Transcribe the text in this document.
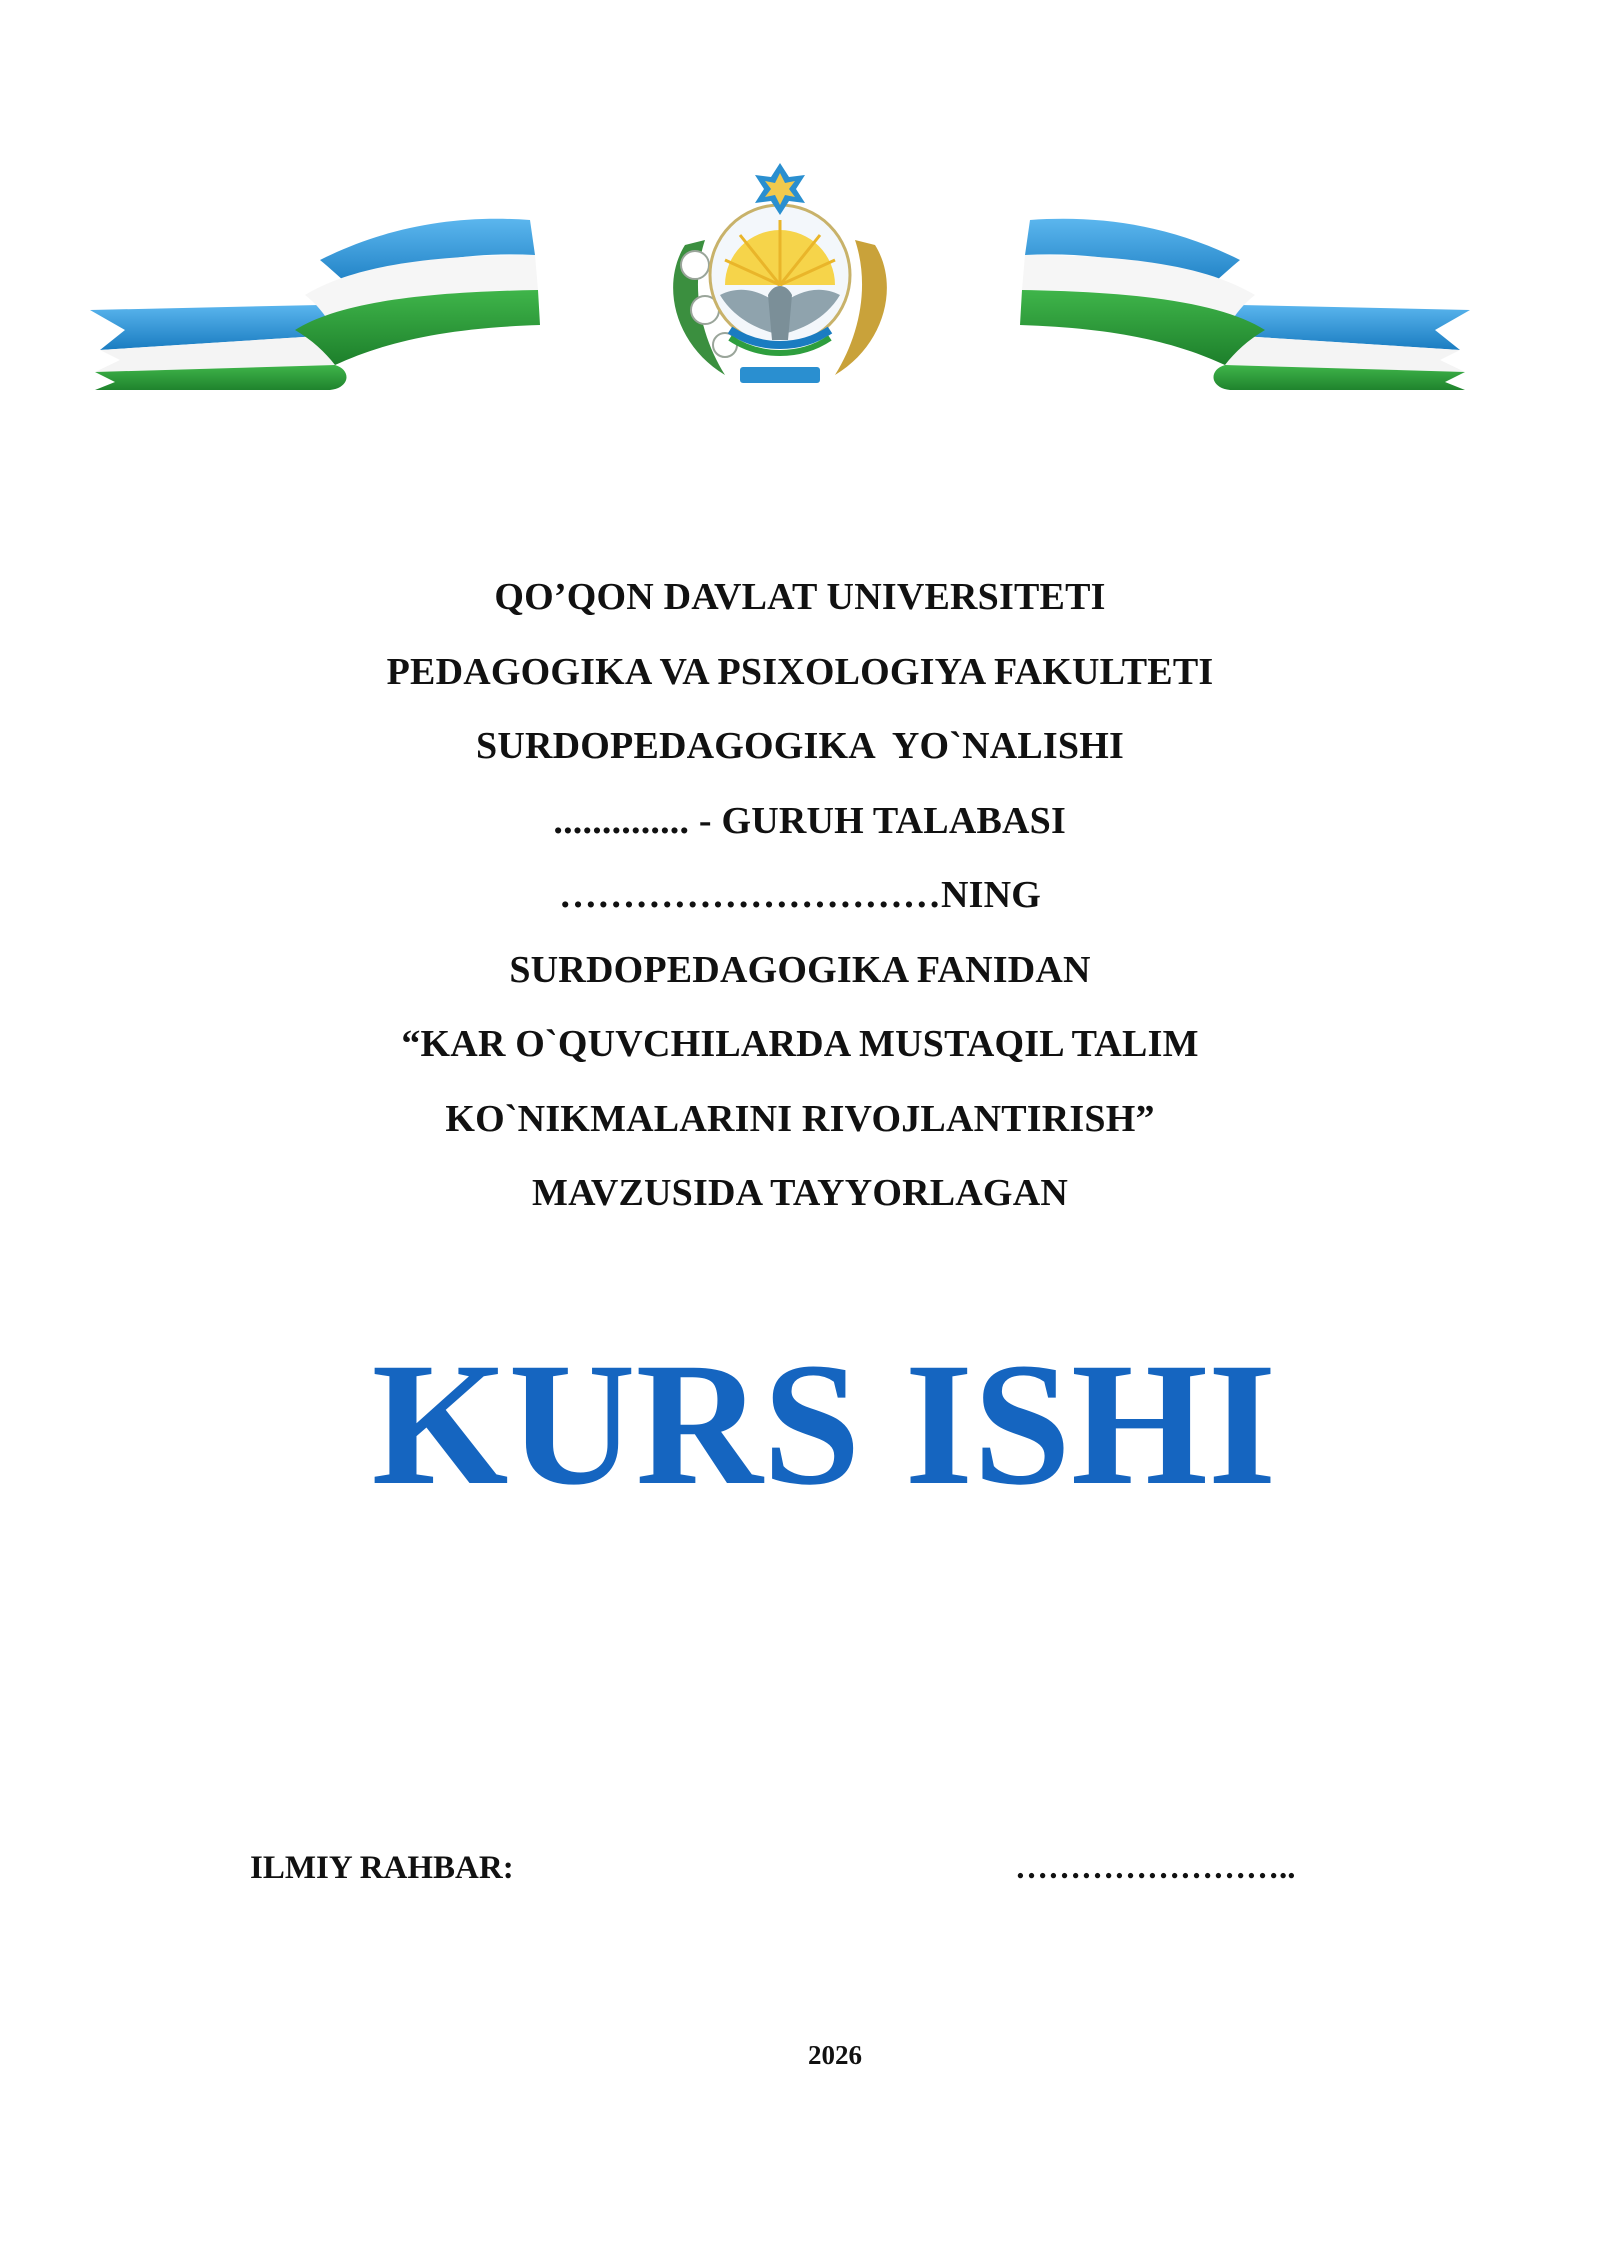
QO’QON DAVLAT UNIVERSITETI
PEDAGOGIKA VA PSIXOLOGIYA FAKULTETI
SURDOPEDAGOGIKA  YO`NALISHI
.............. - GURUH TALABASI
…………………………NING
SURDOPEDAGOGIKA FANIDAN
“KAR O`QUVCHILARDA MUSTAQIL TALIM
KO`NIKMALARINI RIVOJLANTIRISH”
MAVZUSIDA TAYYORLAGAN
KURS ISHI
ILMIY RAHBAR:	……………………..
2026
